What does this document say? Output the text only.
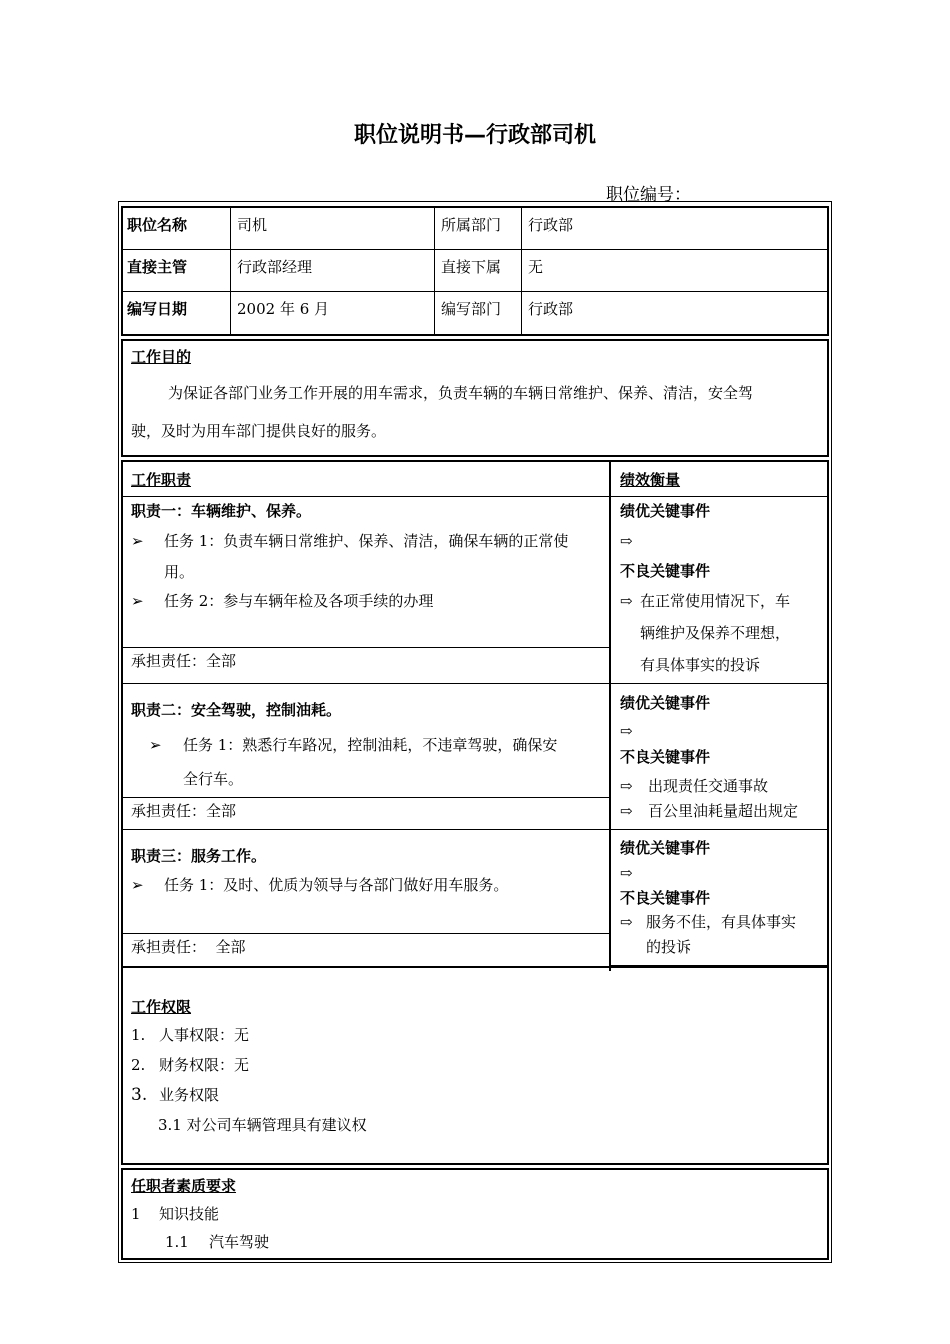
职位说明书—行政部司机
职位编号：
职位名称	司机	所属部门 行政部
直接主管	行政部经理	直接下属 无
编写日期	2002 年 6 月	编写部门 行政部
工作目的
为保证各部门业务工作开展的用车需求，负责车辆的车辆日常维护、保养、清洁，安全驾
驶，及时为用车部门提供良好的服务。
工作职责	绩效衡量
职责一：车辆维护、保养。
➢ 任务 1：负责车辆日常维护、保养、清洁，确保车辆的正常使
用。
➢ 任务 2：参与车辆年检及各项手续的办理
承担责任：全部
绩优关键事件
⇨
不良关键事件
⇨ 在正常使用情况下，车
辆维护及保养不理想，
有具体事实的投诉
职责二：安全驾驶，控制油耗。
➢ 任务 1：熟悉行车路况，控制油耗，不违章驾驶，确保安
全行车。
承担责任：全部
绩优关键事件
⇨
不良关键事件
⇨ 出现责任交通事故
⇨ 百公里油耗量超出规定
职责三：服务工作。
➢ 任务 1：及时、优质为领导与各部门做好用车服务。
承担责任：  全部
绩优关键事件
⇨
不良关键事件
⇨ 服务不佳，有具体事实
的投诉
工作权限
1. 人事权限：无
2. 财务权限：无
3. 业务权限
3.1 对公司车辆管理具有建议权
任职者素质要求
1 知识技能
1.1 汽车驾驶
